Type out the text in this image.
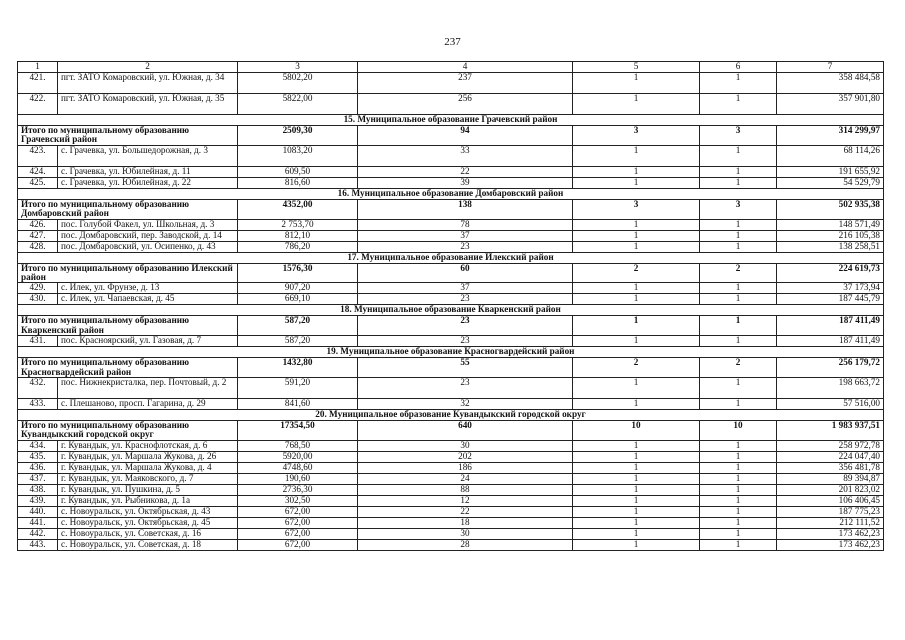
237
1	2	3	4	5	6	7
421.	пгт. ЗАТО Комаровский, ул. Южная, д. 34	5802,20	237	1	1	358 484,58
422.	пгт. ЗАТО Комаровский, ул. Южная, д. 35	5822,00	256	1	1	357 901,80
15. Муниципальное образование Грачевский район						
Итого по муниципальному образованию Грачевский район		2509,30	94	3	3	314 299,97
423.	с. Грачевка, ул. Большедорожная, д. 3	1083,20	33	1	1	68 114,26
424.	с. Грачевка, ул. Юбилейная, д. 11	609,50	22	1	1	191 655,92
425.	с. Грачевка, ул. Юбилейная, д. 22	816,60	39	1	1	54 529,79
16. Муниципальное образование Домбаровский район						
Итого по муниципальному образованию Домбаровский район		4352,00	138	3	3	502 935,38
426.	пос. Голубой Факел, ул. Школьная, д. 3	2 753,70	78	1	1	148 571,49
427.	пос. Домбаровский, пер. Заводской, д. 14	812,10	37	1	1	216 105,38
428.	пос. Домбаровский, ул. Осипенко, д. 43	786,20	23	1	1	138 258,51
17. Муниципальное образование Илекский район						
Итого по муниципальному образованию Илекский район		1576,30	60	2	2	224 619,73
429.	с. Илек, ул. Фрунзе, д. 13	907,20	37	1	1	37 173,94
430.	с. Илек, ул. Чапаевская, д. 45	669,10	23	1	1	187 445,79
18. Муниципальное образование Кваркенский район						
Итого по муниципальному образованию Кваркенский район		587,20	23	1	1	187 411,49
431.	пос. Красноярский, ул. Газовая, д. 7	587,20	23	1	1	187 411,49
19. Муниципальное образование Красногвардейский район						
Итого по муниципальному образованию Красногвардейский район		1432,80	55	2	2	256 179,72
432.	пос. Нижнекристалка, пер. Почтовый, д. 2	591,20	23	1	1	198 663,72
433.	с. Плешаново, просп. Гагарина, д. 29	841,60	32	1	1	57 516,00
20. Муниципальное образование Кувандыкский городской округ						
Итого по муниципальному образованию Кувандыкский городской округ		17354,50	640	10	10	1 983 937,51
434.	г. Кувандык, ул. Краснофлотская, д. 6	768,50	30	1	1	258 972,78
435.	г. Кувандык, ул. Маршала Жукова, д. 26	5920,00	202	1	1	224 047,40
436.	г. Кувандык, ул. Маршала Жукова, д. 4	4748,60	186	1	1	356 481,78
437.	г. Кувандык, ул. Маяковского, д. 7	190,60	24	1	1	89 394,87
438.	г. Кувандык, ул. Пушкина, д. 5	2736,30	88	1	1	201 823,02
439.	г. Кувандык, ул. Рыбникова, д. 1а	302,50	12	1	1	106 406,45
440.	с. Новоуральск, ул. Октябрьская, д. 43	672,00	22	1	1	187 775,23
441.	с. Новоуральск, ул. Октябрьская, д. 45	672,00	18	1	1	212 111,52
442.	с. Новоуральск, ул. Советская, д. 16	672,00	30	1	1	173 462,23
443.	с. Новоуральск, ул. Советская, д. 18	672,00	28	1	1	173 462,23
